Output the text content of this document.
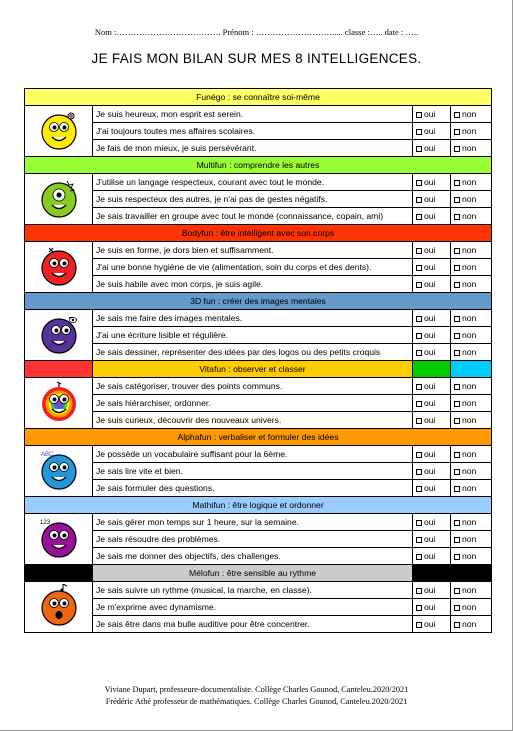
Nom :………………………………. Prénom : ………………………..... classe :….. date : …..
JE FAIS MON BILAN SUR MES 8 INTELLIGENCES.
Funégo : se connaître soi-même			

	Je suis heureux, mon esprit est serein.	oui	non
	J'ai toujours toutes mes affaires scolaires.	oui	non
	Je fais de mon mieux, je suis persévérant.	oui	non
Multifun : comprendre les autres			

	J'utilise un langage respecteux, courant avec tout le monde.	oui	non
	Je suis respecteux des autres, je n'ai pas de gestes négatifs.	oui	non
	Je sais travailler en groupe avec tout le monde (connaissance, copain, ami)	oui	non
Bodyfun : être intelligent avec son corps			

	Je suis en forme, je dors bien et suffisamment.	oui	non
	J'ai une bonne hygiène de vie (alimentation, soin du corps et des dents).	oui	non
	Je suis habile avec mon corps, je suis agile.	oui	non
3D fun : créer des images mentales			

	Je sais me faire des images mentales.	oui	non
	J'ai une écriture lisible et régulière.	oui	non
	Je sais dessiner, représenter des idées par des logos ou des petits croquis	oui	non
	Vitafun : observer et classer		

	Je sais catégoriser, trouver des points communs.	oui	non
	Je sais hiérarchiser, ordonner.	oui	non
	Je suis curieux, découvrir des nouveaux univers.	oui	non
Alphafun : verbaliser et formuler des idées			

ABC	Je possède un vocabulaire suffisant pour la 6ème.	oui	non
	Je sais lire vite et bien.	oui	non
	Je sais formuler des questions.	oui	non
Mathifun : être logique et ordonner			

123	Je sais gérer mon temps sur 1 heure, sur la semaine.	oui	non
	Je sais résoudre des problèmes.	oui	non
	Je sais me donner des objectifs, des challenges.	oui	non
	Mélofun : être sensible au rythme		

	Je sais suivre un rythme (musical, la marche, en classe).	oui	non
	Je m'exprime avec dynamisme.	oui	non
	Je sais être dans ma bulle auditive pour être concentrer.	oui	non
Viviane Dupart, professeure-documentaliste. Collège Charles Gounod, Canteleu.2020/2021
Frédéric Athé professeur de mathématiques. Collège Charles Gounod, Canteleu.2020/2021
